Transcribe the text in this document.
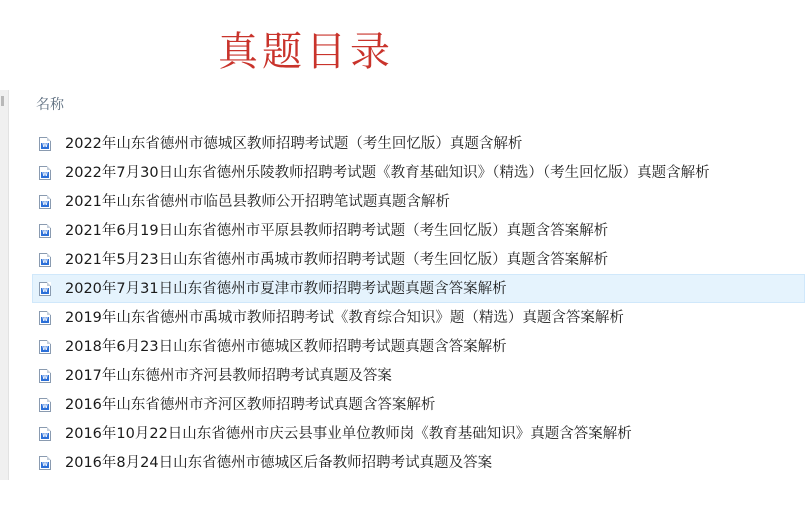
真题目录
名称
W 2022年山东省德州市德城区教师招聘考试题（考生回忆版）真题含解析
W 2022年7月30日山东省德州乐陵教师招聘考试题《教育基础知识》（精选）（考生回忆版）真题含解析
W 2021年山东省德州市临邑县教师公开招聘笔试题真题含解析
W 2021年6月19日山东省德州市平原县教师招聘考试题（考生回忆版）真题含答案解析
W 2021年5月23日山东省德州市禹城市教师招聘考试题（考生回忆版）真题含答案解析
W 2020年7月31日山东省德州市夏津市教师招聘考试题真题含答案解析
W 2019年山东省德州市禹城市教师招聘考试《教育综合知识》题（精选）真题含答案解析
W 2018年6月23日山东省德州市德城区教师招聘考试题真题含答案解析
W 2017年山东德州市齐河县教师招聘考试真题及答案
W 2016年山东省德州市齐河区教师招聘考试真题含答案解析
W 2016年10月22日山东省德州市庆云县事业单位教师岗《教育基础知识》真题含答案解析
W 2016年8月24日山东省德州市德城区后备教师招聘考试真题及答案
